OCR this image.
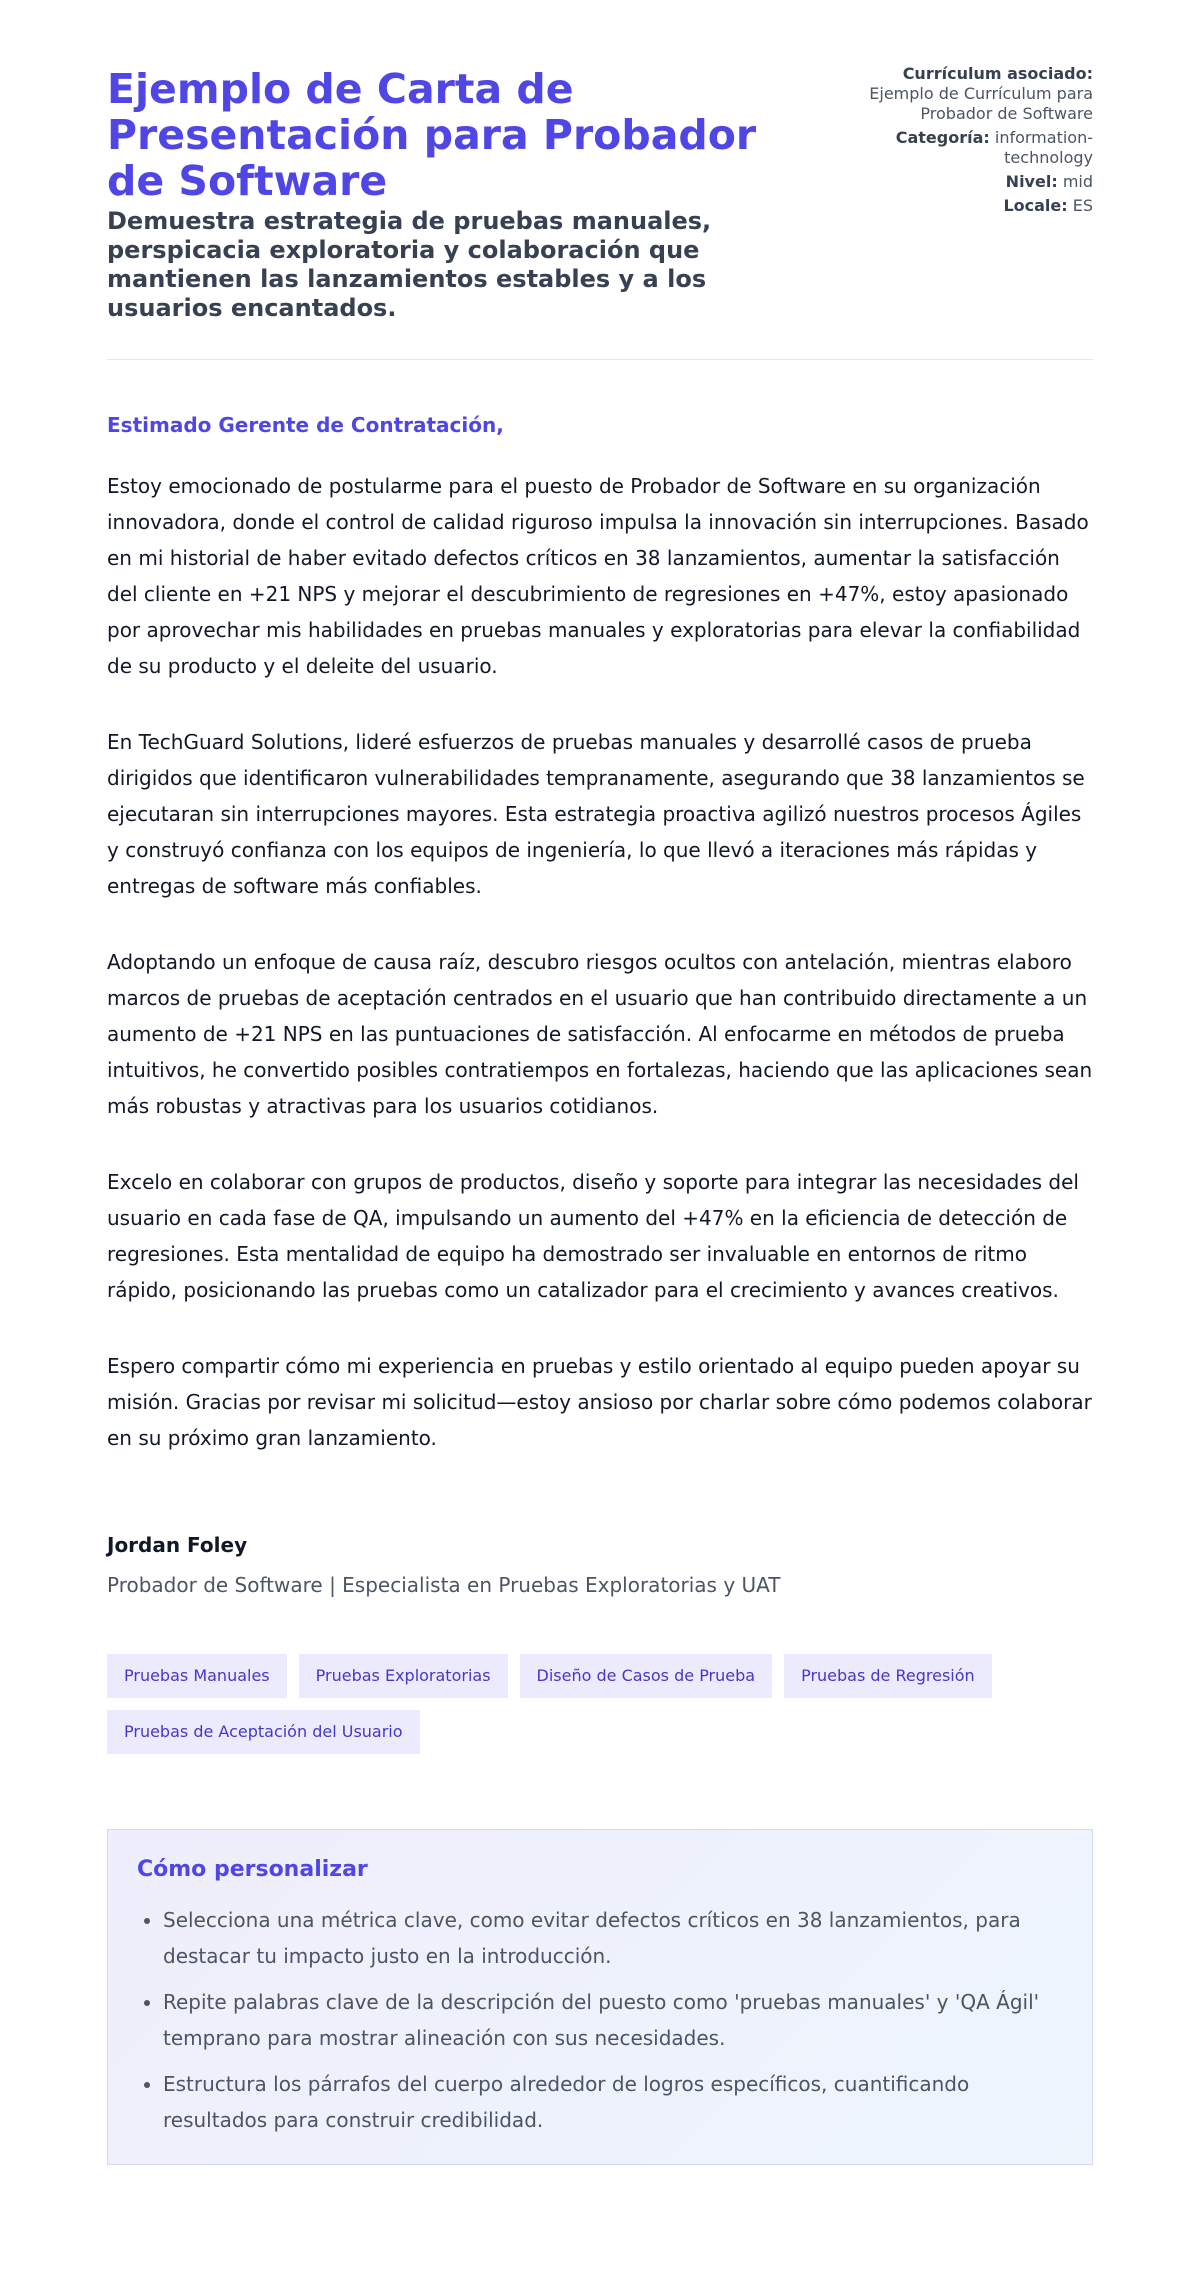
Ejemplo de Carta de Presentación para Probador de Software

Demuestra estrategia de pruebas manuales, perspicacia exploratoria y colaboración que mantienen las lanzamientos estables y a los usuarios encantados.

Currículum asociado: Ejemplo de Currículum para Probador de Software
Categoría: information-technology
Nivel: mid
Locale: ES

Estimado Gerente de Contratación,

Estoy emocionado de postularme para el puesto de Probador de Software en su organización innovadora, donde el control de calidad riguroso impulsa la innovación sin interrupciones. Basado en mi historial de haber evitado defectos críticos en 38 lanzamientos, aumentar la satisfacción del cliente en +21 NPS y mejorar el descubrimiento de regresiones en +47%, estoy apasionado por aprovechar mis habilidades en pruebas manuales y exploratorias para elevar la confiabilidad de su producto y el deleite del usuario.

En TechGuard Solutions, lideré esfuerzos de pruebas manuales y desarrollé casos de prueba dirigidos que identificaron vulnerabilidades tempranamente, asegurando que 38 lanzamientos se ejecutaran sin interrupciones mayores. Esta estrategia proactiva agilizó nuestros procesos Ágiles y construyó confianza con los equipos de ingeniería, lo que llevó a iteraciones más rápidas y entregas de software más confiables.

Adoptando un enfoque de causa raíz, descubro riesgos ocultos con antelación, mientras elaboro marcos de pruebas de aceptación centrados en el usuario que han contribuido directamente a un aumento de +21 NPS en las puntuaciones de satisfacción. Al enfocarme en métodos de prueba intuitivos, he convertido posibles contratiempos en fortalezas, haciendo que las aplicaciones sean más robustas y atractivas para los usuarios cotidianos.

Excelo en colaborar con grupos de productos, diseño y soporte para integrar las necesidades del usuario en cada fase de QA, impulsando un aumento del +47% en la eficiencia de detección de regresiones. Esta mentalidad de equipo ha demostrado ser invaluable en entornos de ritmo rápido, posicionando las pruebas como un catalizador para el crecimiento y avances creativos.

Espero compartir cómo mi experiencia en pruebas y estilo orientado al equipo pueden apoyar su misión. Gracias por revisar mi solicitud—estoy ansioso por charlar sobre cómo podemos colaborar en su próximo gran lanzamiento.

Jordan Foley

Probador de Software | Especialista en Pruebas Exploratorias y UAT

Pruebas Manuales	Pruebas Exploratorias	Diseño de Casos de Prueba	Pruebas de Regresión
Pruebas de Aceptación del Usuario
Cómo personalizar
• Selecciona una métrica clave, como evitar defectos críticos en 38 lanzamientos, para destacar tu impacto justo en la introducción.
• Repite palabras clave de la descripción del puesto como 'pruebas manuales' y 'QA Ágil' temprano para mostrar alineación con sus necesidades.
• Estructura los párrafos del cuerpo alrededor de logros específicos, cuantificando resultados para construir credibilidad.
